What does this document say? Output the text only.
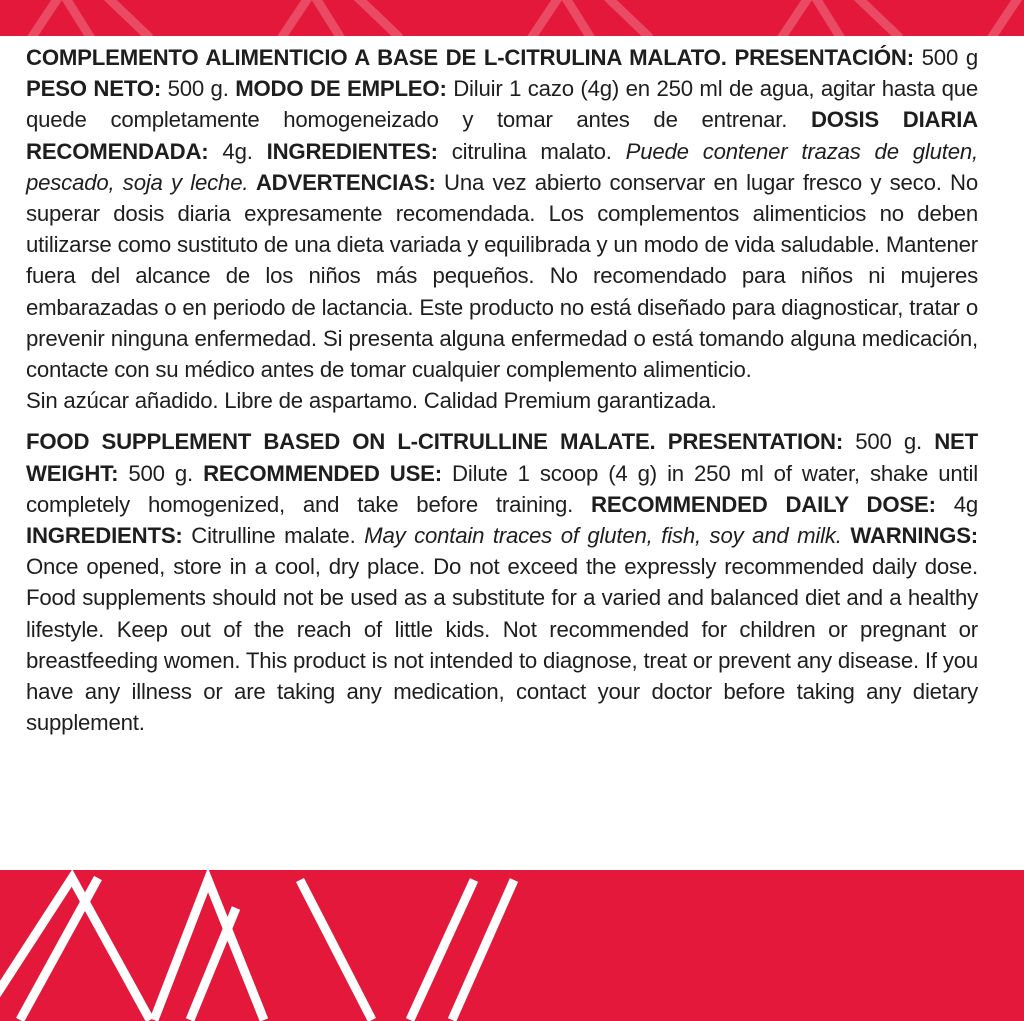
COMPLEMENTO ALIMENTICIO A BASE DE L-CITRULINA MALATO. PRESENTACIÓN: 500 g PESO NETO: 500 g. MODO DE EMPLEO: Diluir 1 cazo (4g) en 250 ml de agua, agitar hasta que quede completamente homogeneizado y tomar antes de entrenar. DOSIS DIARIA RECOMENDADA: 4g. INGREDIENTES: citrulina malato. Puede contener trazas de gluten, pescado, soja y leche. ADVERTENCIAS: Una vez abierto conservar en lugar fresco y seco. No superar dosis diaria expresamente recomendada. Los complementos alimenticios no deben utilizarse como sustituto de una dieta variada y equilibrada y un modo de vida saludable. Mantener fuera del alcance de los niños más pequeños. No recomendado para niños ni mujeres embarazadas o en periodo de lactancia. Este producto no está diseñado para diagnosticar, tratar o prevenir ninguna enfermedad. Si presenta alguna enfermedad o está tomando alguna medicación, contacte con su médico antes de tomar cualquier complemento alimenticio.

Sin azúcar añadido. Libre de aspartamo. Calidad Premium garantizada.

FOOD SUPPLEMENT BASED ON L-CITRULLINE MALATE. PRESENTATION: 500 g. NET WEIGHT: 500 g. RECOMMENDED USE: Dilute 1 scoop (4 g) in 250 ml of water, shake until completely homogenized, and take before training. RECOMMENDED DAILY DOSE: 4g INGREDIENTS: Citrulline malate. May contain traces of gluten, fish, soy and milk. WARNINGS: Once opened, store in a cool, dry place. Do not exceed the expressly recommended daily dose. Food supplements should not be used as a substitute for a varied and balanced diet and a healthy lifestyle. Keep out of the reach of little kids. Not recommended for children or pregnant or breastfeeding women. This product is not intended to diagnose, treat or prevent any disease. If you have any illness or are taking any medication, contact your doctor before taking any dietary supplement.
